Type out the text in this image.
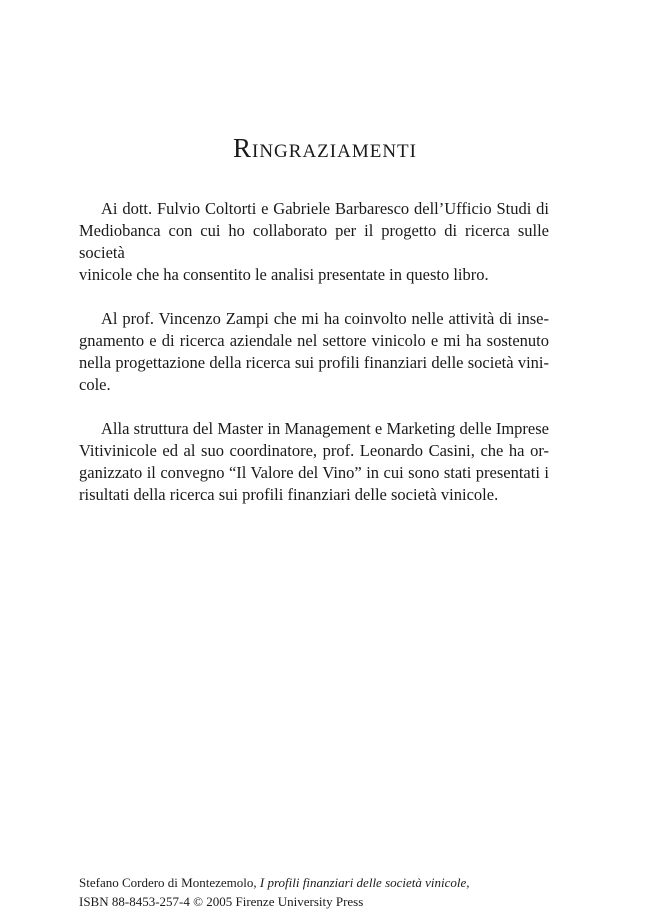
Ringraziamenti

Ai dott. Fulvio Coltorti e Gabriele Barbaresco dell’Ufficio Studi di
Mediobanca con cui ho collaborato per il progetto di ricerca sulle società
vinicole che ha consentito le analisi presentate in questo libro.

Al prof. Vincenzo Zampi che mi ha coinvolto nelle attività di inse-
gnamento e di ricerca aziendale nel settore vinicolo e mi ha sostenuto
nella progettazione della ricerca sui profili finanziari delle società vini-
cole.

Alla struttura del Master in Management e Marketing delle Imprese
Vitivinicole ed al suo coordinatore, prof. Leonardo Casini, che ha or-
ganizzato il convegno “Il Valore del Vino” in cui sono stati presentati i
risultati della ricerca sui profili finanziari delle società vinicole.

Stefano Cordero di Montezemolo, I profili finanziari delle società vinicole,
ISBN 88-8453-257-4 © 2005 Firenze University Press
